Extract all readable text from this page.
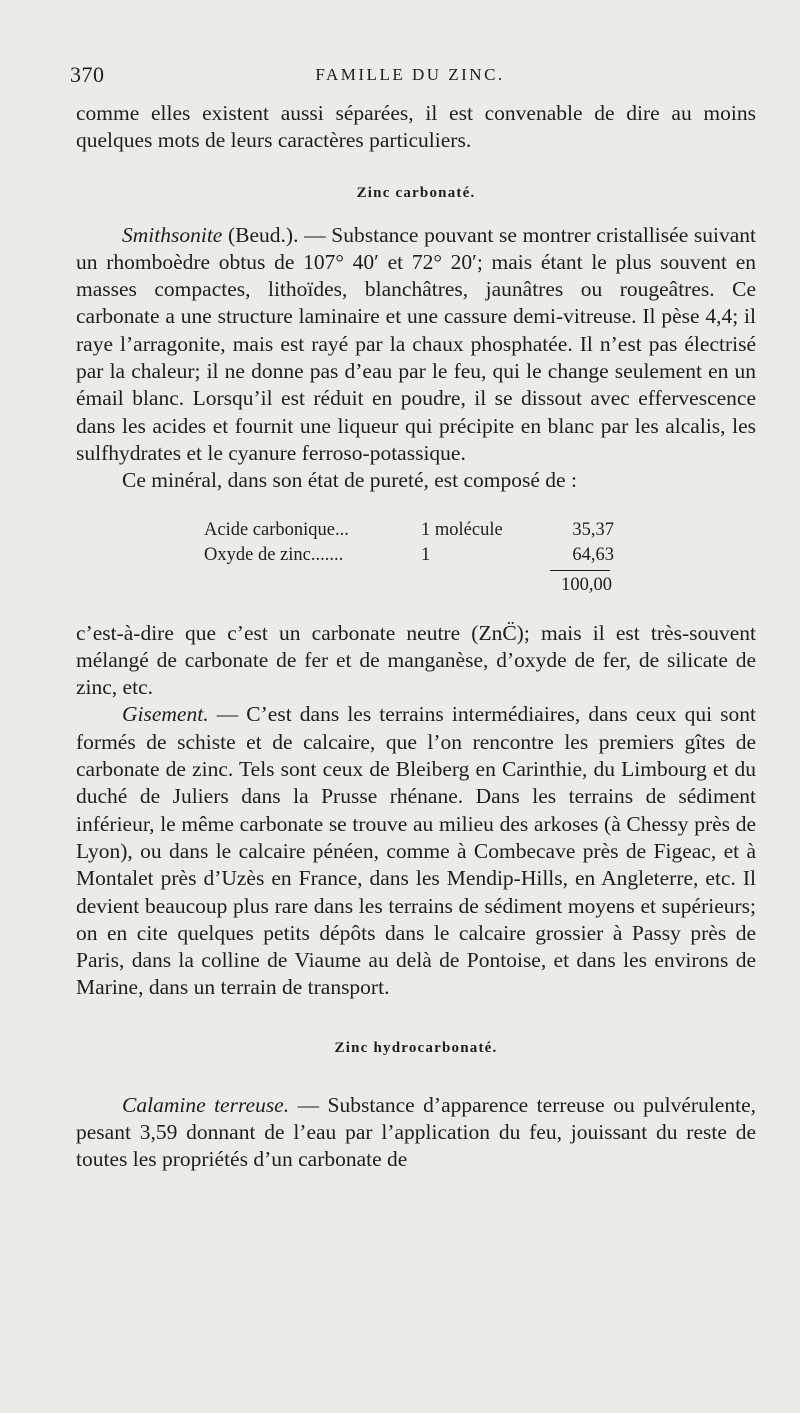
370	FAMILLE DU ZINC.

comme elles existent aussi séparées, il est convenable de dire au moins quelques mots de leurs caractères particuliers.

Zinc carbonaté.

Smithsonite (Beud.). — Substance pouvant se montrer cristallisée suivant un rhomboèdre obtus de 107° 40′ et 72° 20′; mais étant le plus souvent en masses compactes, lithoïdes, blanchâtres, jaunâtres ou rougeâtres. Ce carbonate a une structure laminaire et une cassure demi-vitreuse. Il pèse 4,4; il raye l’arragonite, mais est rayé par la chaux phosphatée. Il n’est pas électrisé par la chaleur; il ne donne pas d’eau par le feu, qui le change seulement en un émail blanc. Lorsqu’il est réduit en poudre, il se dissout avec effervescence dans les acides et fournit une liqueur qui précipite en blanc par les alcalis, les sulfhydrates et le cyanure ferroso-potassique.

Ce minéral, dans son état de pureté, est composé de :

Acide carbonique...	1 molécule	35,37
Oxyde de zinc.......	1	64,63
100,00

c’est-à-dire que c’est un carbonate neutre (ZnC̈); mais il est très-souvent mélangé de carbonate de fer et de manganèse, d’oxyde de fer, de silicate de zinc, etc.

Gisement. — C’est dans les terrains intermédiaires, dans ceux qui sont formés de schiste et de calcaire, que l’on rencontre les premiers gîtes de carbonate de zinc. Tels sont ceux de Bleiberg en Carinthie, du Limbourg et du duché de Juliers dans la Prusse rhénane. Dans les terrains de sédiment inférieur, le même carbonate se trouve au milieu des arkoses (à Chessy près de Lyon), ou dans le calcaire pénéen, comme à Combecave près de Figeac, et à Montalet près d’Uzès en France, dans les Mendip-Hills, en Angleterre, etc. Il devient beaucoup plus rare dans les terrains de sédiment moyens et supérieurs; on en cite quelques petits dépôts dans le calcaire grossier à Passy près de Paris, dans la colline de Viaume au delà de Pontoise, et dans les environs de Marine, dans un terrain de transport.

Zinc hydrocarbonaté.

Calamine terreuse. — Substance d’apparence terreuse ou pulvérulente, pesant 3,59 donnant de l’eau par l’application du feu, jouissant du reste de toutes les propriétés d’un carbonate de
